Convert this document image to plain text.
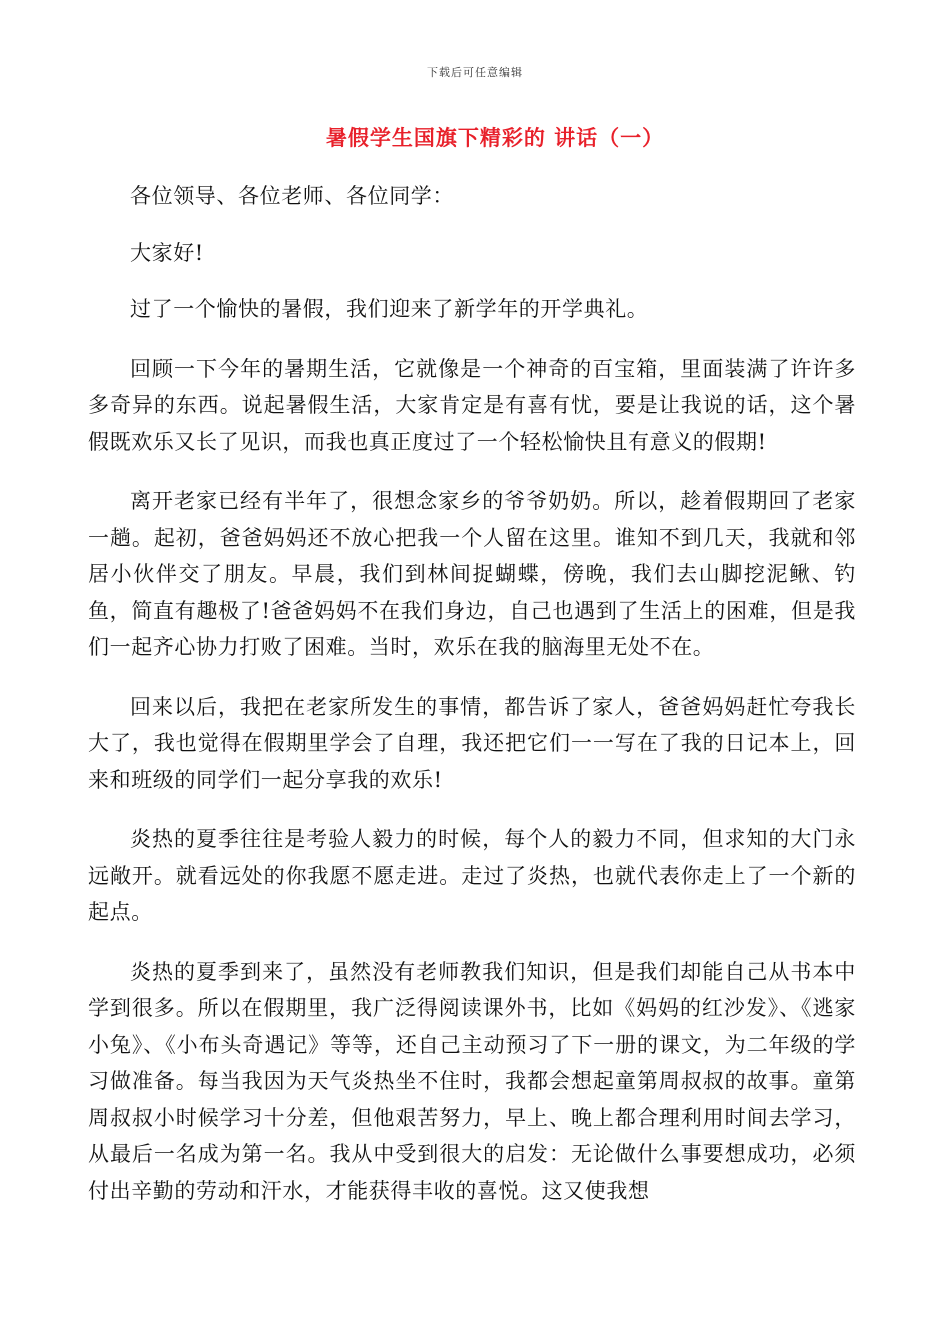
下载后可任意编辑
暑假学生国旗下精彩的 讲话（一）

各位领导、各位老师、各位同学：

大家好!

过了一个愉快的暑假，我们迎来了新学年的开学典礼。

回顾一下今年的暑期生活，它就像是一个神奇的百宝箱，里面装满了许许多多奇异的东西。说起暑假生活，大家肯定是有喜有忧，要是让我说的话，这个暑假既欢乐又长了见识，而我也真正度过了一个轻松愉快且有意义的假期!

离开老家已经有半年了，很想念家乡的爷爷奶奶。所以，趁着假期回了老家一趟。起初，爸爸妈妈还不放心把我一个人留在这里。谁知不到几天，我就和邻居小伙伴交了朋友。早晨，我们到林间捉蝴蝶，傍晚，我们去山脚挖泥鳅、钓鱼，简直有趣极了!爸爸妈妈不在我们身边，自己也遇到了生活上的困难，但是我们一起齐心协力打败了困难。当时，欢乐在我的脑海里无处不在。

回来以后，我把在老家所发生的事情，都告诉了家人，爸爸妈妈赶忙夸我长大了，我也觉得在假期里学会了自理，我还把它们一一写在了我的日记本上，回来和班级的同学们一起分享我的欢乐!

炎热的夏季往往是考验人毅力的时候，每个人的毅力不同，但求知的大门永远敞开。就看远处的你我愿不愿走进。走过了炎热，也就代表你走上了一个新的起点。

炎热的夏季到来了，虽然没有老师教我们知识，但是我们却能自己从书本中学到很多。所以在假期里，我广泛得阅读课外书，比如《妈妈的红沙发》、《逃家小兔》、《小布头奇遇记》等等，还自己主动预习了下一册的课文，为二年级的学习做准备。每当我因为天气炎热坐不住时，我都会想起童第周叔叔的故事。童第周叔叔小时候学习十分差，但他艰苦努力，早上、晚上都合理利用时间去学习，从最后一名成为第一名。我从中受到很大的启发：无论做什么事要想成功，必须付出辛勤的劳动和汗水，才能获得丰收的喜悦。这又使我想
